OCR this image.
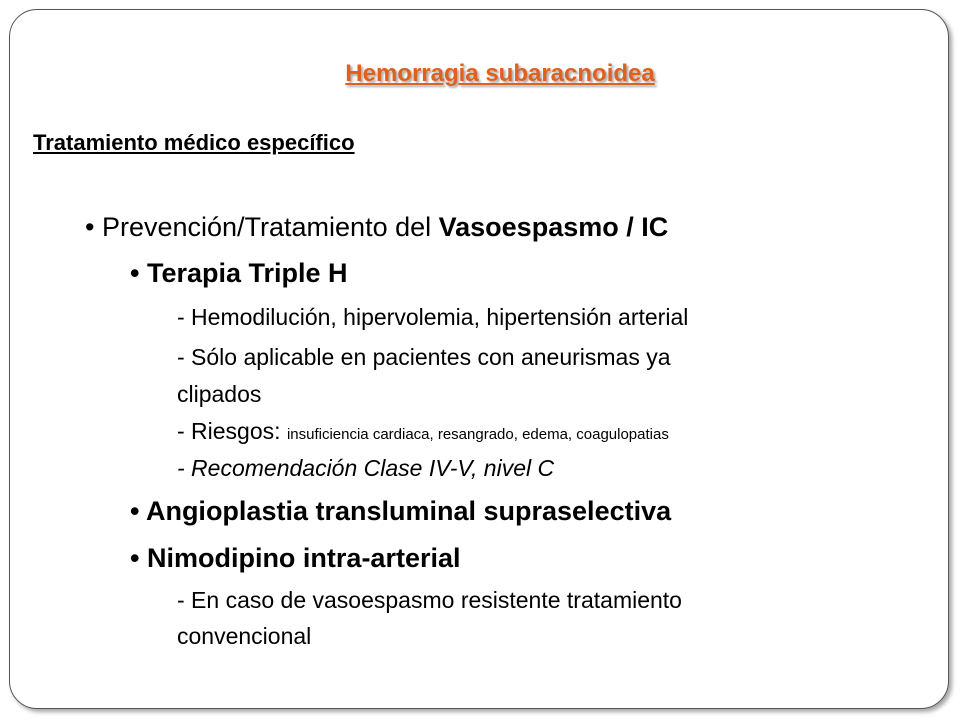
Hemorragia subaracnoidea
Tratamiento médico específico
• Prevención/Tratamiento del Vasoespasmo / IC
• Terapia Triple H
- Hemodilución, hipervolemia, hipertensión arterial
- Sólo aplicable en pacientes con aneurismas ya
clipados
- Riesgos: insuficiencia cardiaca, resangrado, edema, coagulopatias
- Recomendación Clase IV-V, nivel C
• Angioplastia transluminal supraselectiva
• Nimodipino intra-arterial
- En caso de vasoespasmo resistente tratamiento
convencional
